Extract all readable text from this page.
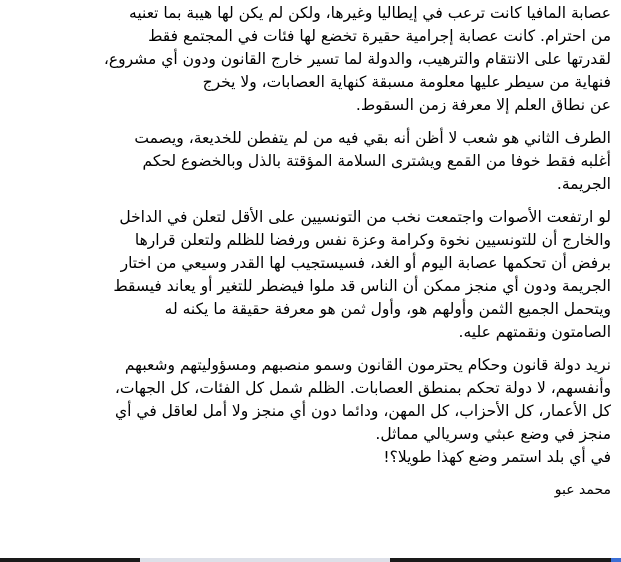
عصابة المافيا كانت ترعب في إيطاليا وغيرها، ولكن لم يكن لها هيبة بما تعنيه
من احترام. كانت عصابة إجرامية حقيرة تخضع لها فئات في المجتمع فقط
لقدرتها على الانتقام والترهيب، والدولة لما تسير خارج القانون ودون أي مشروع،
فنهاية من سيطر عليها معلومة مسبقة كنهاية العصابات، ولا يخرج
عن نطاق العلم إلا معرفة زمن السقوط.
الطرف الثاني هو شعب لا أظن أنه بقي فيه من لم يتفطن للخديعة، ويصمت
أغلبه فقط خوفا من القمع ويشترى السلامة المؤقتة بالذل وبالخضوع لحكم
الجريمة.
لو ارتفعت الأصوات واجتمعت نخب من التونسيين على الأقل لتعلن في الداخل
والخارج أن للتونسيين نخوة وكرامة وعزة نفس ورفضا للظلم ولتعلن قرارها
برفض أن تحكمها عصابة اليوم أو الغد، فسيستجيب لها القدر وسيعي من اختار
الجريمة ودون أي منجز ممكن أن الناس قد ملوا فيضطر للتغير أو يعاند فيسقط
ويتحمل الجميع الثمن وأولهم هو، وأول ثمن هو معرفة حقيقة ما يكنه له
الصامتون ونقمتهم عليه.
نريد دولة قانون وحكام يحترمون القانون وسمو منصبهم ومسؤوليتهم وشعبهم
وأنفسهم، لا دولة تحكم بمنطق العصابات. الظلم شمل كل الفئات، كل الجهات،
كل الأعمار، كل الأحزاب، كل المهن، ودائما دون أي منجز ولا أمل لعاقل في أي
منجز في وضع عبثي وسريالي مماثل.
في أي بلد استمر وضع كهذا طويلا؟!
محمد عبو
